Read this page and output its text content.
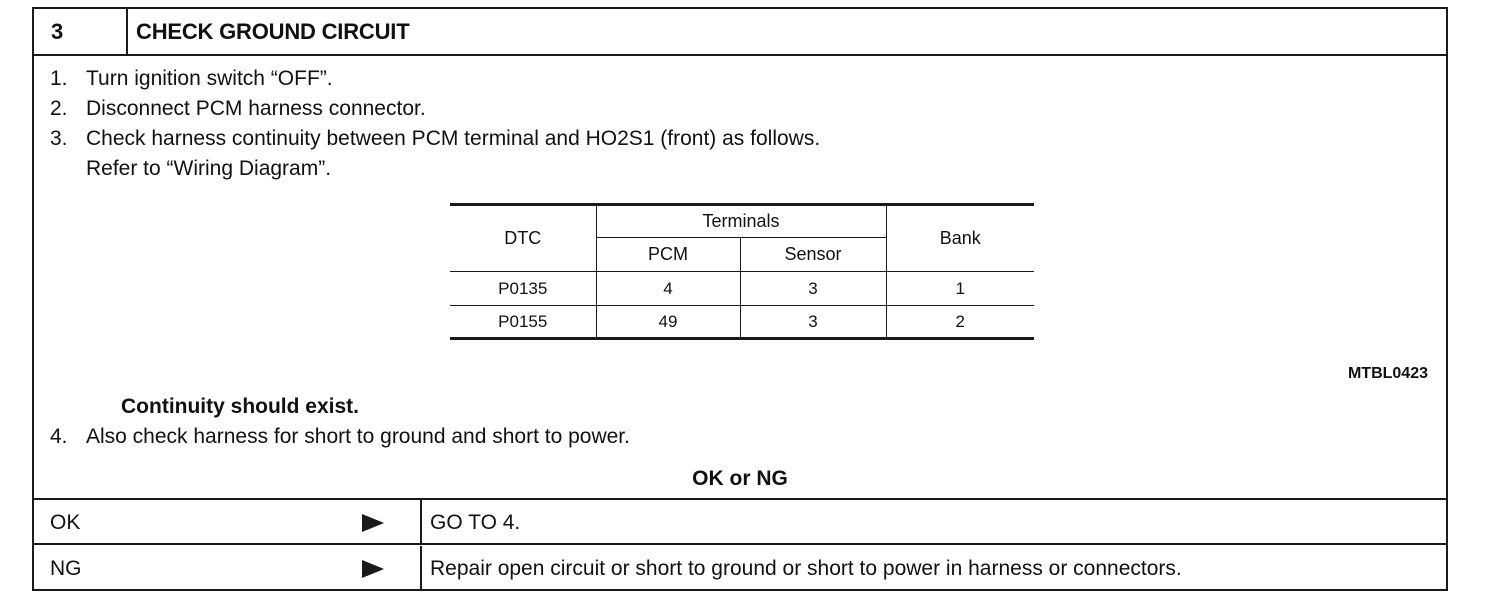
3	CHECK GROUND CIRCUIT
1. Turn ignition switch “OFF”.
2. Disconnect PCM harness connector.
3. Check harness continuity between PCM terminal and HO2S1 (front) as follows.
Refer to “Wiring Diagram”.
DTC	Terminals		Bank
	PCM	Sensor	
P0135	4	3	1
P0155	49	3	2
MTBL0423
Continuity should exist.
4. Also check harness for short to ground and short to power.
OK or NG
OK	GO TO 4.
NG	Repair open circuit or short to ground or short to power in harness or connectors.
